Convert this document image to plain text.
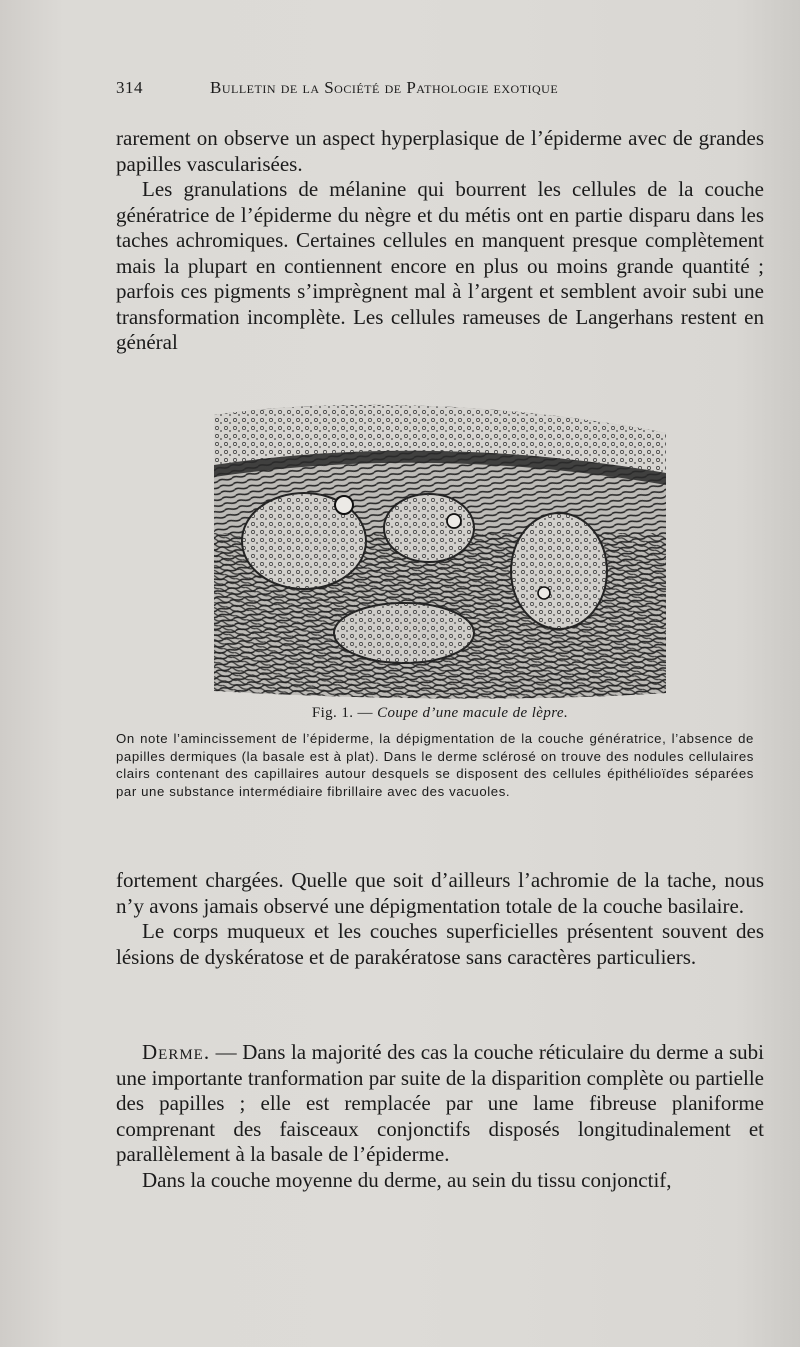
314	Bulletin de la Société de Pathologie exotique

rarement on observe un aspect hyperplasique de l’épiderme avec de grandes papilles vascularisées.

Les granulations de mélanine qui bourrent les cellules de la couche génératrice de l’épiderme du nègre et du métis ont en partie disparu dans les taches achromiques. Certaines cellules en manquent presque complètement mais la plupart en contiennent encore en plus ou moins grande quantité ; parfois ces pigments s’imprègnent mal à l’argent et semblent avoir subi une transformation incomplète. Les cellules rameuses de Langerhans restent en général

Fig. 1. — Coupe d’une macule de lèpre.

On note l’amincissement de l’épiderme, la dépigmentation de la couche génératrice, l’absence de papilles dermiques (la basale est à plat). Dans le derme sclérosé on trouve des nodules cellulaires clairs contenant des capillaires autour desquels se disposent des cellules épithélioïdes séparées par une substance intermédiaire fibrillaire avec des vacuoles.

fortement chargées. Quelle que soit d’ailleurs l’achromie de la tache, nous n’y avons jamais observé une dépigmentation totale de la couche basilaire.

Le corps muqueux et les couches superficielles présentent souvent des lésions de dyskératose et de parakératose sans caractères particuliers.

Derme. — Dans la majorité des cas la couche réticulaire du derme a subi une importante tranformation par suite de la disparition complète ou partielle des papilles ; elle est remplacée par une lame fibreuse planiforme comprenant des faisceaux conjonctifs disposés longitudinalement et parallèlement à la basale de l’épiderme.

Dans la couche moyenne du derme, au sein du tissu conjonctif,
